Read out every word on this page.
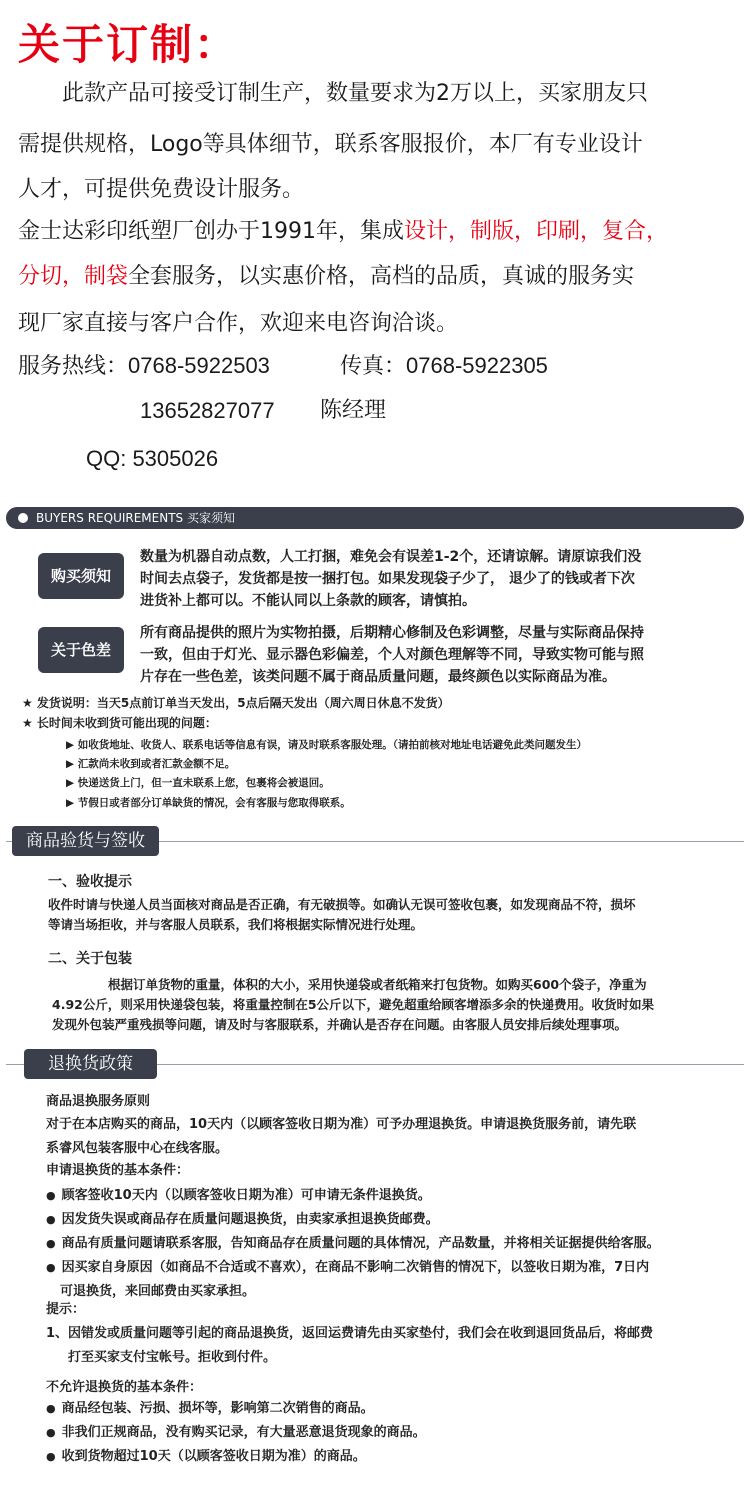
关于订制：
此款产品可接受订制生产，数量要求为2万以上，买家朋友只
需提供规格，Logo等具体细节，联系客服报价，本厂有专业设计
人才，可提供免费设计服务。
金士达彩印纸塑厂创办于1991年，集成设计，制版，印刷，复合，
分切，制袋全套服务，以实惠价格，高档的品质，真诚的服务实
现厂家直接与客户合作，欢迎来电咨询洽谈。
服务热线：0768-5922503	传真：0768-5922305
13652827077 陈经理
QQ: 5305026
BUYERS REQUIREMENTS 买家须知
购买须知
数量为机器自动点数，人工打捆，难免会有误差1-2个，还请谅解。请原谅我们没
时间去点袋子，发货都是按一捆打包。如果发现袋子少了， 退少了的钱或者下次
进货补上都可以。不能认同以上条款的顾客，请慎拍。
关于色差
所有商品提供的照片为实物拍摄，后期精心修制及色彩调整，尽量与实际商品保持
一致，但由于灯光、显示器色彩偏差，个人对颜色理解等不同，导致实物可能与照
片存在一些色差，该类问题不属于商品质量问题，最终颜色以实际商品为准。
★ 发货说明：当天5点前订单当天发出，5点后隔天发出（周六周日休息不发货）
★ 长时间未收到货可能出现的问题：
▶ 如收货地址、收货人、联系电话等信息有误，请及时联系客服处理。（请拍前核对地址电话避免此类问题发生）
▶ 汇款尚未收到或者汇款金额不足。
▶ 快递送货上门，但一直未联系上您，包裹将会被退回。
▶ 节假日或者部分订单缺货的情况，会有客服与您取得联系。
商品验货与签收
一、验收提示
收件时请与快递人员当面核对商品是否正确，有无破损等。如确认无误可签收包裹，如发现商品不符，损坏
等请当场拒收，并与客服人员联系，我们将根据实际情况进行处理。
二、关于包装
根据订单货物的重量，体积的大小，采用快递袋或者纸箱来打包货物。如购买600个袋子，净重为
4.92公斤，则采用快递袋包装，将重量控制在5公斤以下，避免超重给顾客增添多余的快递费用。收货时如果
发现外包装严重残损等问题，请及时与客服联系，并确认是否存在问题。由客服人员安排后续处理事项。
退换货政策
商品退换服务原则
对于在本店购买的商品，10天内（以顾客签收日期为准）可予办理退换货。申请退换货服务前，请先联
系睿风包装客服中心在线客服。
申请退换货的基本条件：
● 顾客签收10天内（以顾客签收日期为准）可申请无条件退换货。
● 因发货失误或商品存在质量问题退换货，由卖家承担退换货邮费。
● 商品有质量问题请联系客服，告知商品存在质量问题的具体情况，产品数量，并将相关证据提供给客服。
● 因买家自身原因（如商品不合适或不喜欢），在商品不影响二次销售的情况下，以签收日期为准，7日内
可退换货，来回邮费由买家承担。
提示：
1、因错发或质量问题等引起的商品退换货，返回运费请先由买家垫付，我们会在收到退回货品后，将邮费
打至买家支付宝帐号。拒收到付件。
不允许退换货的基本条件：
● 商品经包装、污损、损坏等，影响第二次销售的商品。
● 非我们正规商品，没有购买记录，有大量恶意退货现象的商品。
● 收到货物超过10天（以顾客签收日期为准）的商品。
